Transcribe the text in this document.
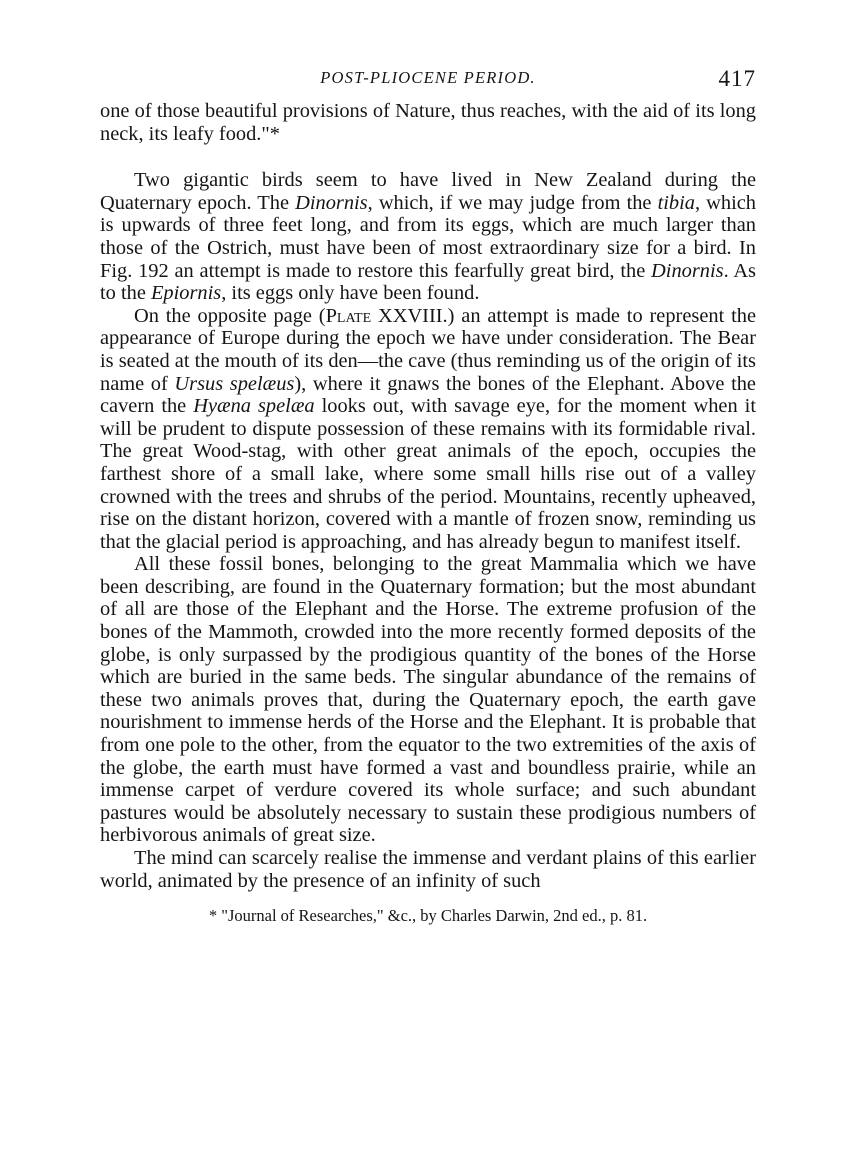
POST-PLIOCENE PERIOD.	417

one of those beautiful provisions of Nature, thus reaches, with the aid of its long neck, its leafy food."*

Two gigantic birds seem to have lived in New Zealand during the Quaternary epoch. The Dinornis, which, if we may judge from the tibia, which is upwards of three feet long, and from its eggs, which are much larger than those of the Ostrich, must have been of most extraordinary size for a bird. In Fig. 192 an attempt is made to restore this fearfully great bird, the Dinornis. As to the Epiornis, its eggs only have been found.

On the opposite page (Plate XXVIII.) an attempt is made to represent the appearance of Europe during the epoch we have under consideration. The Bear is seated at the mouth of its den—the cave (thus reminding us of the origin of its name of Ursus spelæus), where it gnaws the bones of the Elephant. Above the cavern the Hyæna spelæa looks out, with savage eye, for the moment when it will be prudent to dispute possession of these remains with its formidable rival. The great Wood-stag, with other great animals of the epoch, occupies the farthest shore of a small lake, where some small hills rise out of a valley crowned with the trees and shrubs of the period. Mountains, recently upheaved, rise on the distant horizon, covered with a mantle of frozen snow, reminding us that the glacial period is approaching, and has already begun to manifest itself.

All these fossil bones, belonging to the great Mammalia which we have been describing, are found in the Quaternary formation; but the most abundant of all are those of the Elephant and the Horse. The extreme profusion of the bones of the Mammoth, crowded into the more recently formed deposits of the globe, is only surpassed by the prodigious quantity of the bones of the Horse which are buried in the same beds. The singular abundance of the remains of these two animals proves that, during the Quaternary epoch, the earth gave nourishment to immense herds of the Horse and the Elephant. It is probable that from one pole to the other, from the equator to the two extremities of the axis of the globe, the earth must have formed a vast and boundless prairie, while an immense carpet of verdure covered its whole surface; and such abundant pastures would be absolutely necessary to sustain these prodigious numbers of herbivorous animals of great size.

The mind can scarcely realise the immense and verdant plains of this earlier world, animated by the presence of an infinity of such

* "Journal of Researches," &c., by Charles Darwin, 2nd ed., p. 81.
